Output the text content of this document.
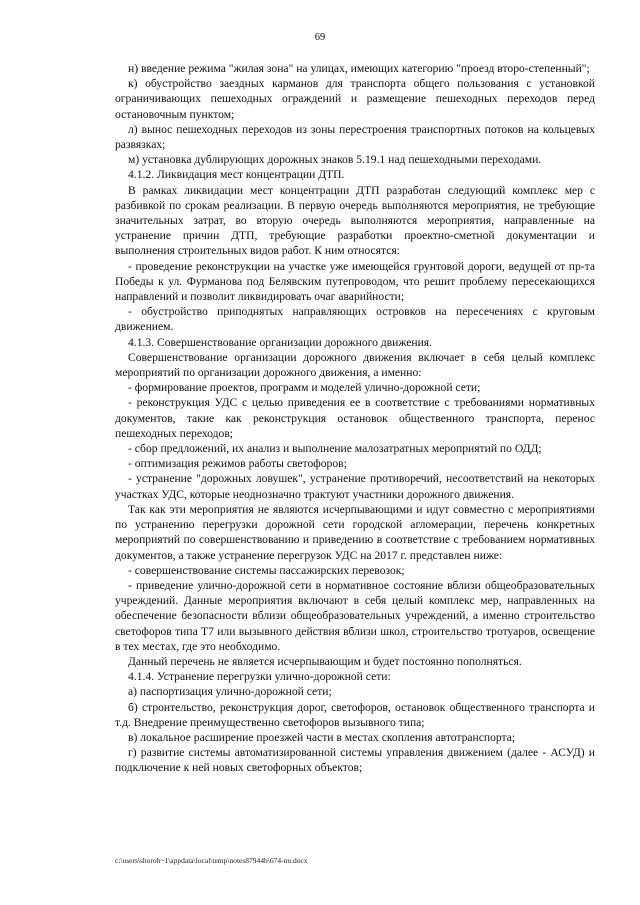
69

н) введение режима "жилая зона" на улицах, имеющих категорию "проезд второ-степенный";

к) обустройство заездных карманов для транспорта общего пользования с установкой ограничивающих пешеходных ограждений и размещение пешеходных переходов перед остановочным пунктом;

л) вынос пешеходных переходов из зоны перестроения транспортных потоков на кольцевых развязках;

м) установка дублирующих дорожных знаков 5.19.1 над пешеходными переходами.

4.1.2. Ликвидация мест концентрации ДТП.

В рамках ликвидации мест концентрации ДТП разработан следующий комплекс мер с разбивкой по срокам реализации. В первую очередь выполняются мероприятия, не требующие значительных затрат, во вторую очередь выполняются мероприятия, направленные на устранение причин ДТП, требующие разработки проектно-сметной документации и выполнения строительных видов работ. К ним относятся:

- проведение реконструкции на участке уже имеющейся грунтовой дороги, ведущей от пр-та Победы к ул. Фурманова под Белявским путепроводом, что решит проблему пересекающихся направлений и позволит ликвидировать очаг аварийности;

- обустройство приподнятых направляющих островков на пересечениях с круговым движением.

4.1.3. Совершенствование организации дорожного движения.

Совершенствование организации дорожного движения включает в себя целый комплекс мероприятий по организации дорожного движения, а именно:

- формирование проектов, программ и моделей улично-дорожной сети;

- реконструкция УДС с целью приведения ее в соответствие с требованиями нормативных документов, такие как реконструкция остановок общественного транспорта, перенос пешеходных переходов;

- сбор предложений, их анализ и выполнение малозатратных мероприятий по ОДД;

- оптимизация режимов работы светофоров;

- устранение "дорожных ловушек", устранение противоречий, несоответствий на некоторых участках УДС, которые неоднозначно трактуют участники дорожного движения.

Так как эти мероприятия не являются исчерпывающими и идут совместно с мероприятиями по устранению перегрузки дорожной сети городской агломерации, перечень конкретных мероприятий по совершенствованию и приведению в соответствие с требованием нормативных документов, а также устранение перегрузок УДС на 2017 г. представлен ниже:

- совершенствование системы пассажирских перевозок;

- приведение улично-дорожной сети в нормативное состояние вблизи общеобразовательных учреждений. Данные мероприятия включают в себя целый комплекс мер, направленных на обеспечение безопасности вблизи общеобразовательных учреждений, а именно строительство светофоров типа Т7 или вызывного действия вблизи школ, строительство тротуаров, освещение в тех местах, где это необходимо.

Данный перечень не является исчерпывающим и будет постоянно пополняться.

4.1.4. Устранение перегрузки улично-дорожной сети:

а) паспортизация улично-дорожной сети;

б) строительство, реконструкция дорог, светофоров, остановок общественного транспорта и т.д. Внедрение преимущественно светофоров вызывного типа;

в) локальное расширение проезжей части в местах скопления автотранспорта;

г) развитие системы автоматизированной системы управления движением (далее - АСУД) и подключение к ней новых светофорных объектов;

c:\users\shoroh~1\appdata\local\temp\notes87944b\674-nn.docx
